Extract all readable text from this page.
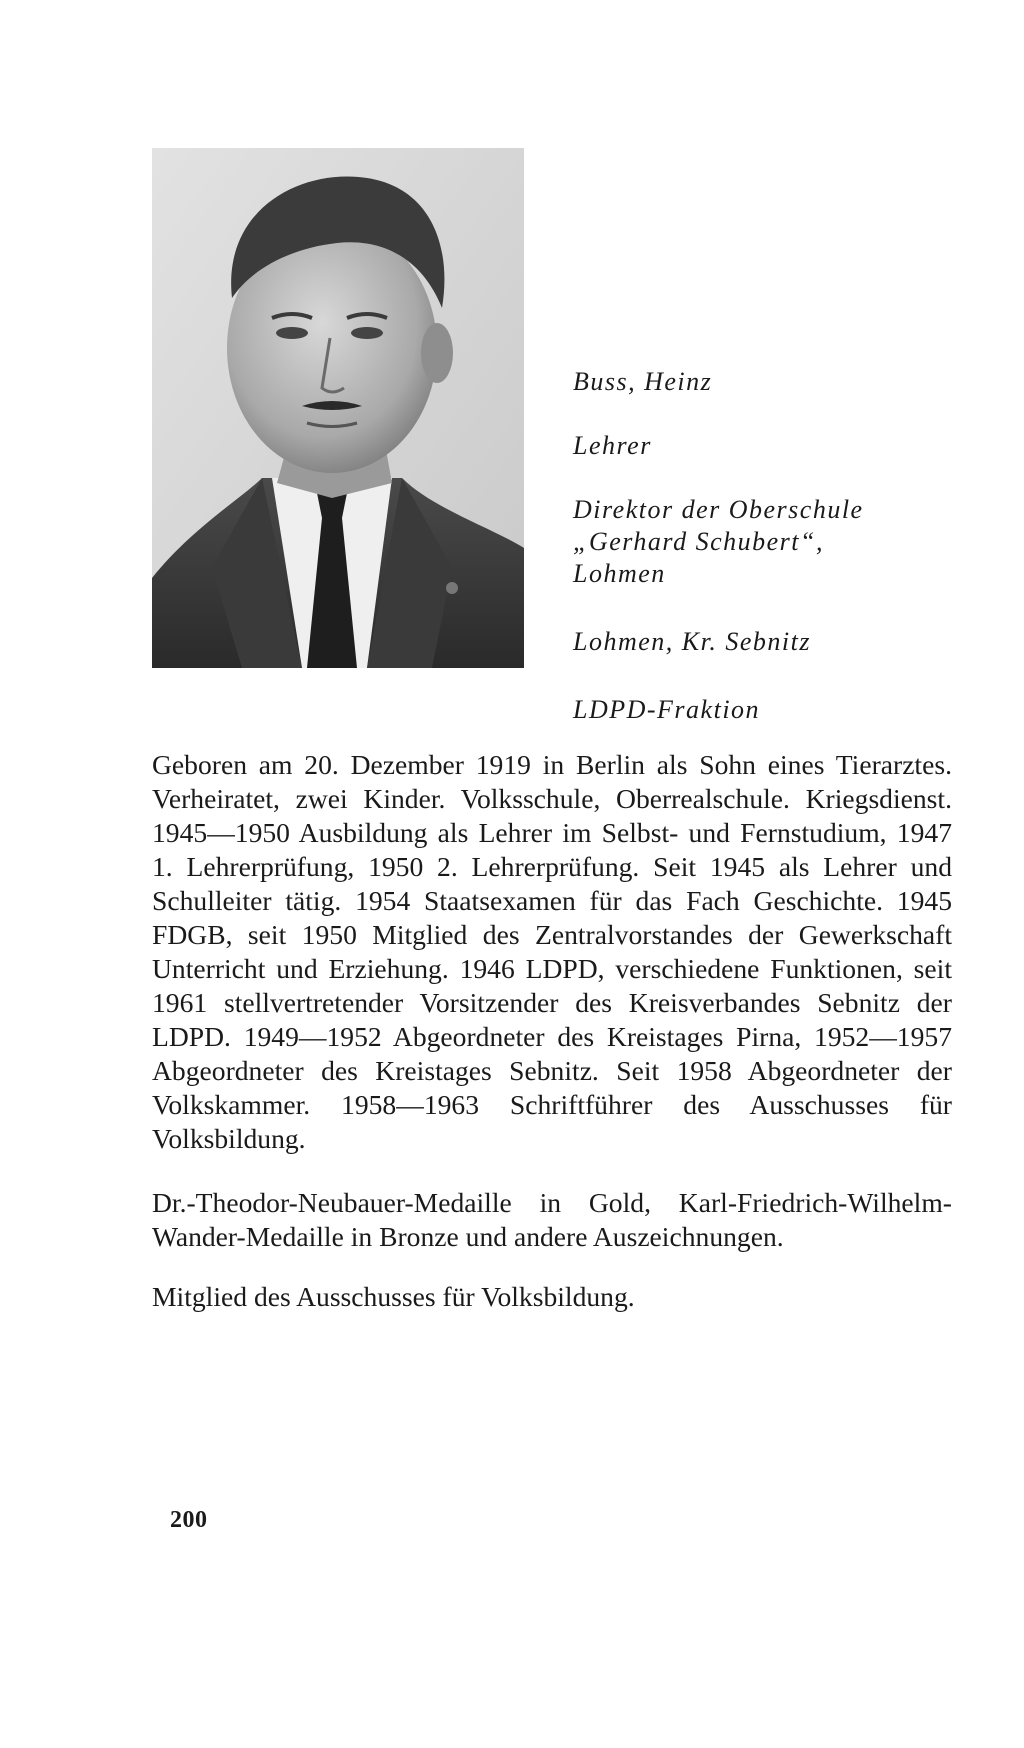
Buss, Heinz

Lehrer

Direktor der Oberschule
„Gerhard Schubert“,
Lohmen

Lohmen, Kr. Sebnitz

LDPD-Fraktion

Geboren am 20. Dezember 1919 in Berlin als Sohn eines Tierarztes. Verheiratet, zwei Kinder. Volksschule, Oberrealschule. Kriegsdienst. 1945—1950 Ausbildung als Lehrer im Selbst- und Fernstudium, 1947 1. Lehrerprüfung, 1950 2. Lehrerprüfung. Seit 1945 als Lehrer und Schulleiter tätig. 1954 Staatsexamen für das Fach Geschichte. 1945 FDGB, seit 1950 Mitglied des Zentralvorstandes der Gewerkschaft Unterricht und Erziehung. 1946 LDPD, verschiedene Funktionen, seit 1961 stellvertretender Vorsitzender des Kreisverbandes Sebnitz der LDPD. 1949—1952 Abgeordneter des Kreistages Pirna, 1952—1957 Abgeordneter des Kreistages Sebnitz. Seit 1958 Abgeordneter der Volkskammer. 1958—1963 Schriftführer des Ausschusses für Volksbildung.

Dr.-Theodor-Neubauer-Medaille in Gold, Karl-Friedrich-Wilhelm-Wander-Medaille in Bronze und andere Auszeichnungen.

Mitglied des Ausschusses für Volksbildung.

200
